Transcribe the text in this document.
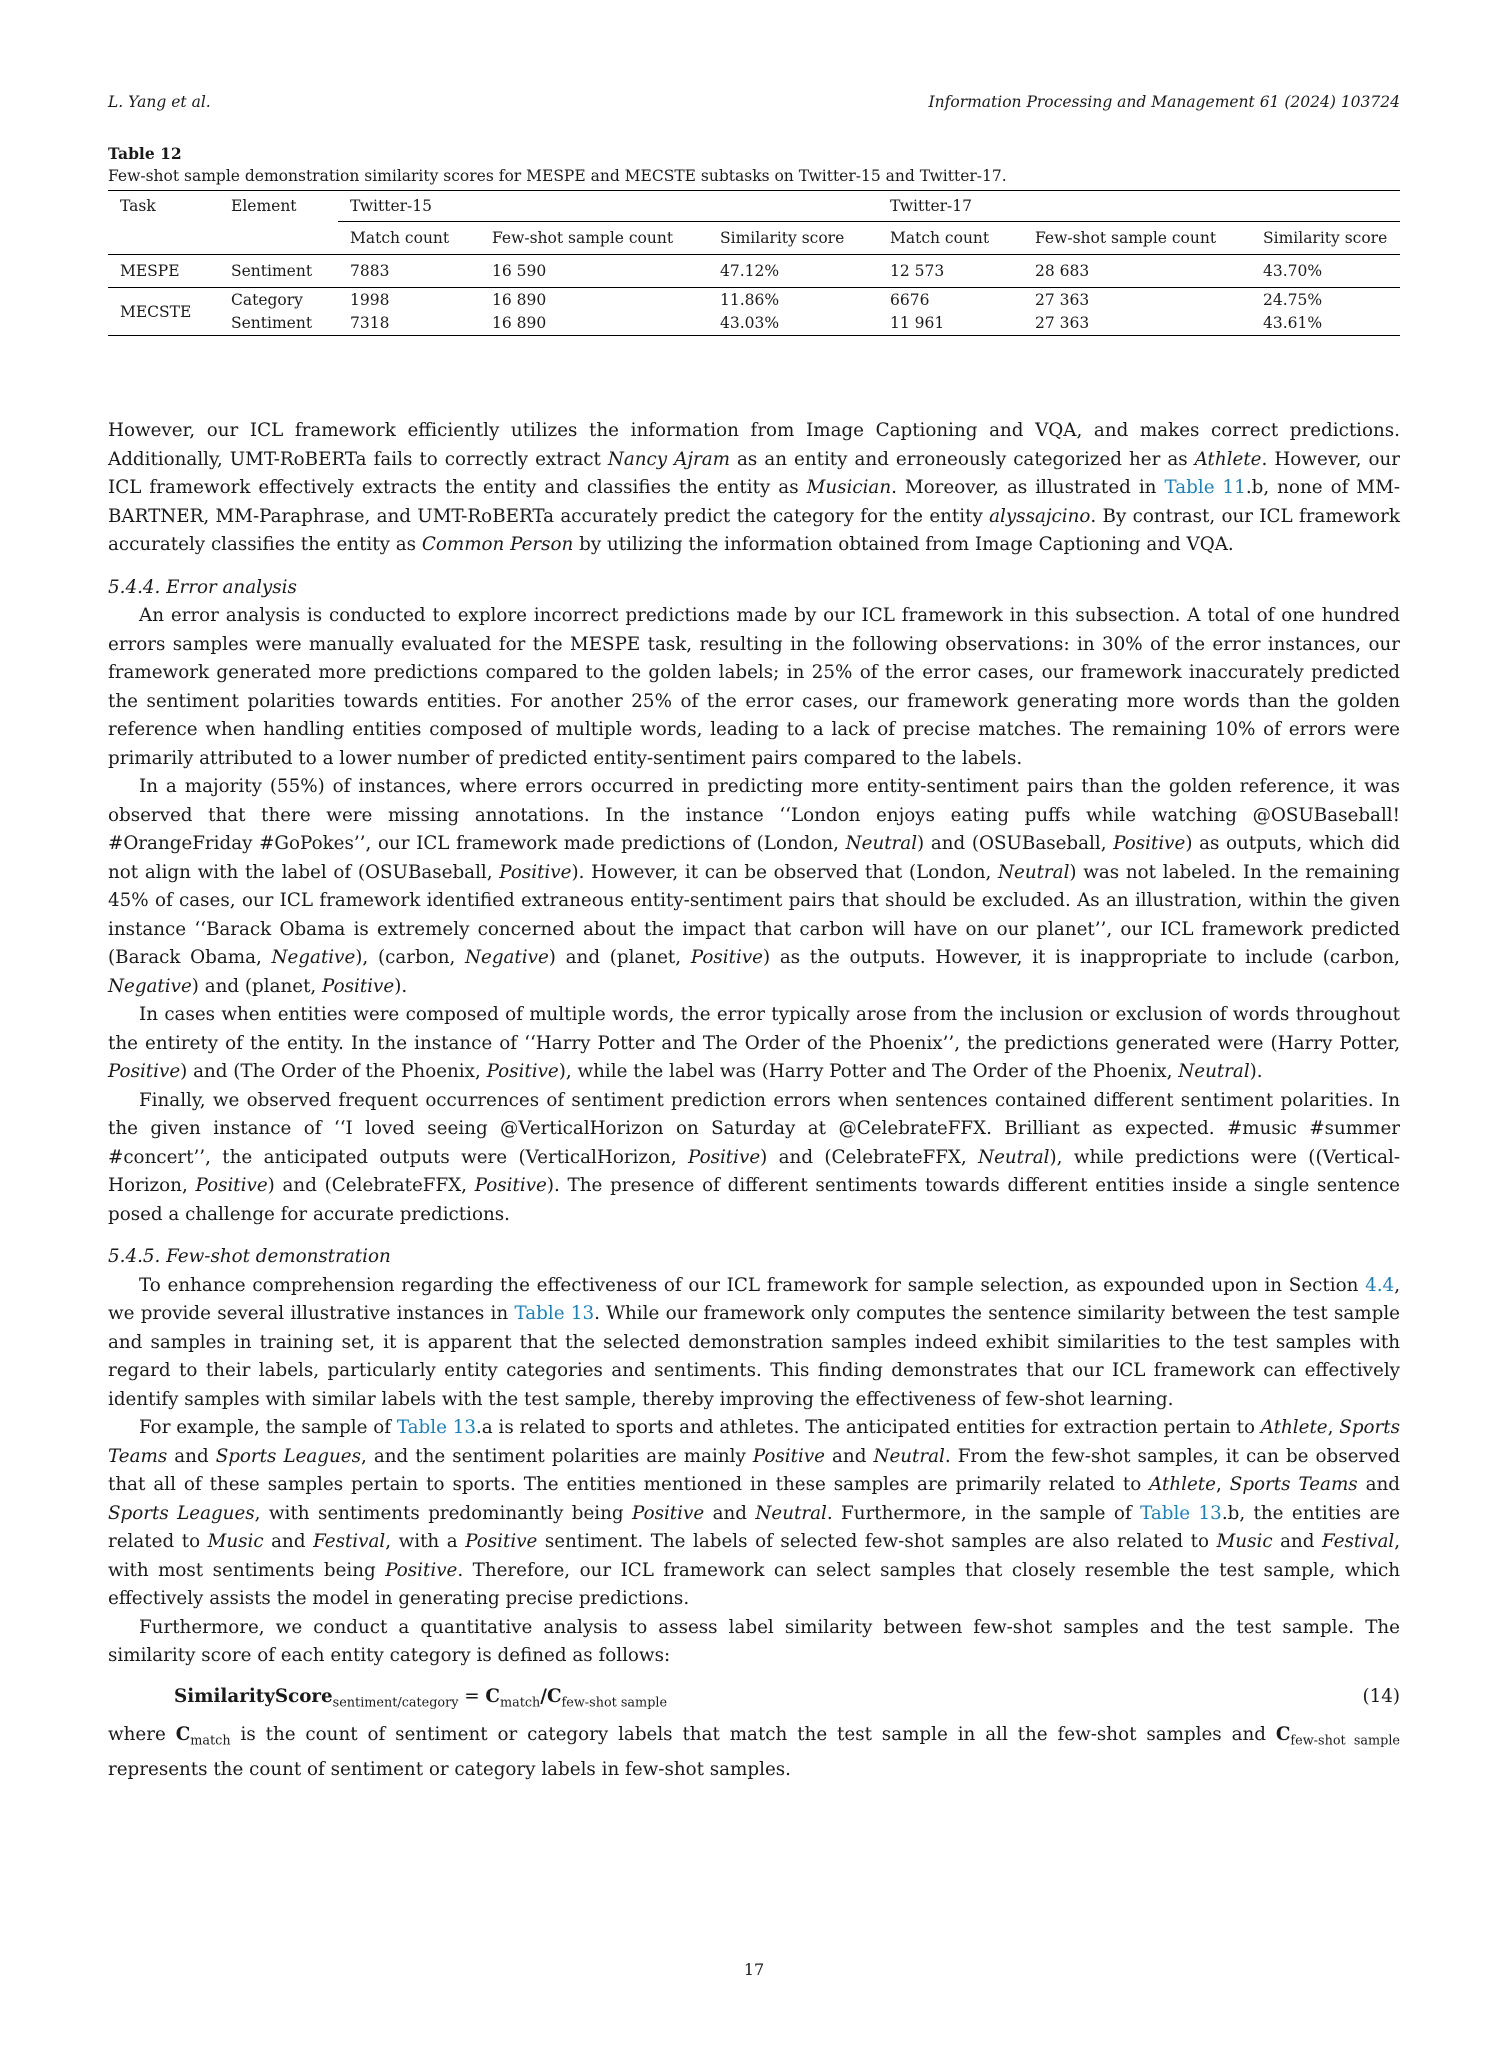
L. Yang et al.	Information Processing and Management 61 (2024) 103724
Table 12
Few-shot sample demonstration similarity scores for MESPE and MECSTE subtasks on Twitter-15 and Twitter-17.
Task	Element	Twitter-15			Twitter-17		
		Match count	Few-shot sample count	Similarity score	Match count	Few-shot sample count	Similarity score
MESPE	Sentiment	7883	16 590	47.12%	12 573	28 683	43.70%
MECSTE	Category	1998	16 890	11.86%	6676	27 363	24.75%
	Sentiment	7318	16 890	43.03%	11 961	27 363	43.61%

However, our ICL framework efficiently utilizes the information from Image Captioning and VQA, and makes correct predictions. Additionally, UMT-RoBERTa fails to correctly extract Nancy Ajram as an entity and erroneously categorized her as Athlete. However, our ICL framework effectively extracts the entity and classifies the entity as Musician. Moreover, as illustrated in Table 11.b, none of MM-BARTNER, MM-Paraphrase, and UMT-RoBERTa accurately predict the category for the entity alyssajcino. By contrast, our ICL framework accurately classifies the entity as Common Person by utilizing the information obtained from Image Captioning and VQA.

5.4.4. Error analysis

An error analysis is conducted to explore incorrect predictions made by our ICL framework in this subsection. A total of one hundred errors samples were manually evaluated for the MESPE task, resulting in the following observations: in 30% of the error instances, our framework generated more predictions compared to the golden labels; in 25% of the error cases, our framework inaccurately predicted the sentiment polarities towards entities. For another 25% of the error cases, our framework generating more words than the golden reference when handling entities composed of multiple words, leading to a lack of precise matches. The remaining 10% of errors were primarily attributed to a lower number of predicted entity-sentiment pairs compared to the labels.

In a majority (55%) of instances, where errors occurred in predicting more entity-sentiment pairs than the golden reference, it was observed that there were missing annotations. In the instance ‘‘London enjoys eating puffs while watching @OSUBaseball! #OrangeFriday #GoPokes’’, our ICL framework made predictions of (London, Neutral) and (OSUBaseball, Positive) as outputs, which did not align with the label of (OSUBaseball, Positive). However, it can be observed that (London, Neutral) was not labeled. In the remaining 45% of cases, our ICL framework identified extraneous entity-sentiment pairs that should be excluded. As an illustration, within the given instance ‘‘Barack Obama is extremely concerned about the impact that carbon will have on our planet’’, our ICL framework predicted (Barack Obama, Negative), (carbon, Negative) and (planet, Positive) as the outputs. However, it is inappropriate to include (carbon, Negative) and (planet, Positive).

In cases when entities were composed of multiple words, the error typically arose from the inclusion or exclusion of words throughout the entirety of the entity. In the instance of ‘‘Harry Potter and The Order of the Phoenix’’, the predictions generated were (Harry Potter, Positive) and (The Order of the Phoenix, Positive), while the label was (Harry Potter and The Order of the Phoenix, Neutral).

Finally, we observed frequent occurrences of sentiment prediction errors when sentences contained different sentiment polarities. In the given instance of ‘‘I loved seeing @VerticalHorizon on Saturday at @CelebrateFFX. Brilliant as expected. #music #summer #concert’’, the anticipated outputs were (VerticalHorizon, Positive) and (CelebrateFFX, Neutral), while predictions were ((Vertical-Horizon, Positive) and (CelebrateFFX, Positive). The presence of different sentiments towards different entities inside a single sentence posed a challenge for accurate predictions.

5.4.5. Few-shot demonstration

To enhance comprehension regarding the effectiveness of our ICL framework for sample selection, as expounded upon in Section 4.4, we provide several illustrative instances in Table 13. While our framework only computes the sentence similarity between the test sample and samples in training set, it is apparent that the selected demonstration samples indeed exhibit similarities to the test samples with regard to their labels, particularly entity categories and sentiments. This finding demonstrates that our ICL framework can effectively identify samples with similar labels with the test sample, thereby improving the effectiveness of few-shot learning.

For example, the sample of Table 13.a is related to sports and athletes. The anticipated entities for extraction pertain to Athlete, Sports Teams and Sports Leagues, and the sentiment polarities are mainly Positive and Neutral. From the few-shot samples, it can be observed that all of these samples pertain to sports. The entities mentioned in these samples are primarily related to Athlete, Sports Teams and Sports Leagues, with sentiments predominantly being Positive and Neutral. Furthermore, in the sample of Table 13.b, the entities are related to Music and Festival, with a Positive sentiment. The labels of selected few-shot samples are also related to Music and Festival, with most sentiments being Positive. Therefore, our ICL framework can select samples that closely resemble the test sample, which effectively assists the model in generating precise predictions.

Furthermore, we conduct a quantitative analysis to assess label similarity between few-shot samples and the test sample. The similarity score of each entity category is defined as follows:

SimilarityScore$_{sentiment/category}$ = $C_{match}/C_{few-shot sample}$	(14)

where $C_{match}$ is the count of sentiment or category labels that match the test sample in all the few-shot samples and $C_{few-shot sample}$ represents the count of sentiment or category labels in few-shot samples.

17
